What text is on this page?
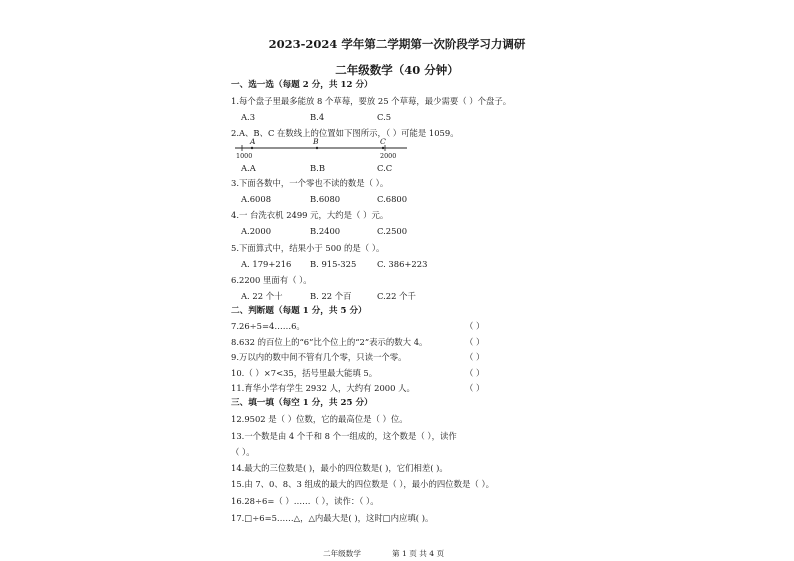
2023-2024 学年第二学期第一次阶段学习力调研
二年级数学（40 分钟）
一、选一选（每题 2 分，共 12 分）
1.每个盘子里最多能放 8 个草莓，要放 25 个草莓，最少需要（ ）个盘子。
A.3	B.4	C.5
2.A、B、C 在数线上的位置如下图所示，（ ）可能是 1059。
A	B	C
1000	2000
A.A	B.B	C.C
3.下面各数中，一个零也不读的数是（ ）。
A.6008	B.6080	C.6800
4.一 台洗衣机 2499 元，大约是（ ）元。
A.2000	B.2400	C.2500
5.下面算式中，结果小于 500 的是（ ）。
A. 179+216 B. 915-325 C. 386+223
6.2200 里面有（ ）。
A. 22 个十	B. 22 个百	C.22 个千
二、判断题（每题 1 分，共 5 分）
7.26÷5=4……6。	（ ）
8.632 的百位上的“6”比个位上的“2”表示的数大 4。	（ ）
9.万以内的数中间不管有几个零，只读一个零。	（ ）
10.（ ）×7<35，括号里最大能填 5。	（ ）
11.育华小学有学生 2932 人，大约有 2000 人。	（ ）
三、填一填（每空 1 分，共 25 分）
12.9502 是（ ）位数，它的最高位是（ ）位。
13.一个数是由 4 个千和 8 个一组成的，这个数是（ ），读作
（ ）。
14.最大的三位数是( )，最小的四位数是( )，它们相差( )。
15.由 7、0、8、3 组成的最大的四位数是（ ），最小的四位数是（ ）。
16.28÷6=（ ）……（ ），读作：（ ）。
17.□÷6=5……△，△内最大是( )，这时□内应填( )。
二年级数学	第 1 页 共 4 页
